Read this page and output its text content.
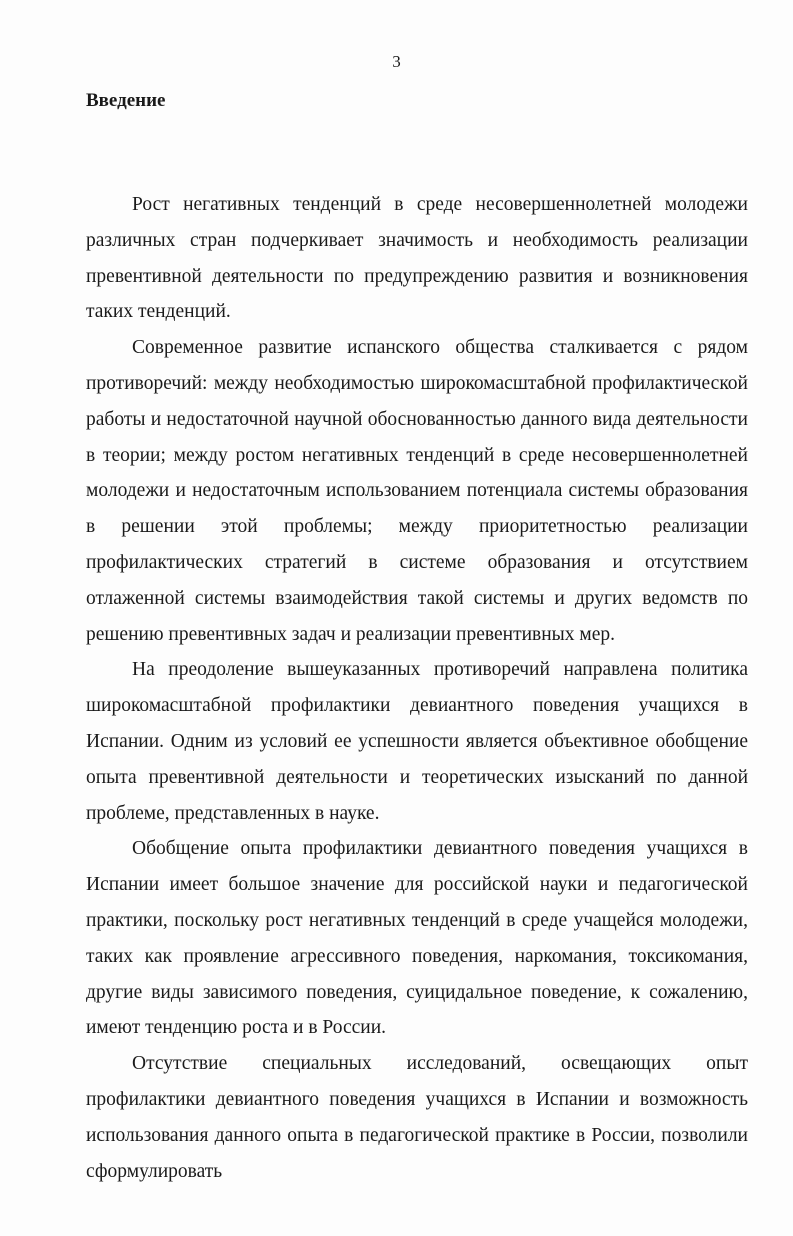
3
Введение

Рост негативных тенденций в среде несовершеннолетней молодежи различных стран подчеркивает значимость и необходимость реализации превентивной деятельности по предупреждению развития и возникновения таких тенденций.

Современное развитие испанского общества сталкивается с рядом противоречий: между необходимостью широкомасштабной профилактической работы и недостаточной научной обоснованностью данного вида деятельности в теории; между ростом негативных тенденций в среде несовершеннолетней молодежи и недостаточным использованием потенциала системы образования в решении этой проблемы; между приоритетностью реализации профилактических стратегий в системе образования и отсутствием отлаженной системы взаимодействия такой системы и других ведомств по решению превентивных задач и реализации превентивных мер.

На преодоление вышеуказанных противоречий направлена политика широкомасштабной профилактики девиантного поведения учащихся в Испании. Одним из условий ее успешности является объективное обобщение опыта превентивной деятельности и теоретических изысканий по данной проблеме, представленных в науке.

Обобщение опыта профилактики девиантного поведения учащихся в Испании имеет большое значение для российской науки и педагогической практики, поскольку рост негативных тенденций в среде учащейся молодежи, таких как проявление агрессивного поведения, наркомания, токсикомания, другие виды зависимого поведения, суицидальное поведение, к сожалению, имеют тенденцию роста и в России.

Отсутствие специальных исследований, освещающих опыт профилактики девиантного поведения учащихся в Испании и возможность использования данного опыта в педагогической практике в России, позволили сформулировать
